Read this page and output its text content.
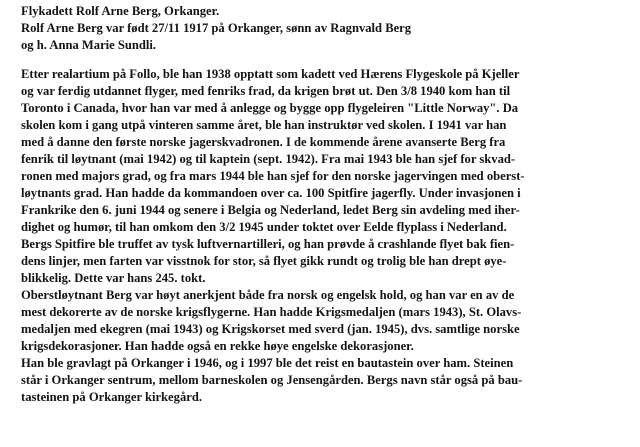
Flykadett Rolf Arne Berg, Orkanger.
Rolf Arne Berg var født 27/11 1917 på Orkanger, sønn av Ragnvald Berg
og h. Anna Marie Sundli.
Etter realartium på Follo, ble han 1938 opptatt som kadett ved Hærens Flygeskole på Kjeller
og var ferdig utdannet flyger, med fenriks frad, da krigen brøt ut. Den 3/8 1940 kom han til
Toronto i Canada, hvor han var med å anlegge og bygge opp flygeleiren "Little Norway". Da
skolen kom i gang utpå vinteren samme året, ble han instruktør ved skolen. I 1941 var han
med å danne den første norske jagerskvadronen. I de kommende årene avanserte Berg fra
fenrik til løytnant (mai 1942) og til kaptein (sept. 1942). Fra mai 1943 ble han sjef for skvad-
ronen med majors grad, og fra mars 1944 ble han sjef for den norske jagervingen med oberst-
løytnants grad. Han hadde da kommandoen over ca. 100 Spitfire jagerfly. Under invasjonen i
Frankrike den 6. juni 1944 og senere i Belgia og Nederland, ledet Berg sin avdeling med iher-
dighet og humør, til han omkom den 3/2 1945 under toktet over Eelde flyplass i Nederland.
Bergs Spitfire ble truffet av tysk luftvernartilleri, og han prøvde å crashlande flyet bak fien-
dens linjer, men farten var visstnok for stor, så flyet gikk rundt og trolig ble han drept øye-
blikkelig. Dette var hans 245. tokt.
Oberstløytnant Berg var høyt anerkjent både fra norsk og engelsk hold, og han var en av de
mest dekorerte av de norske krigsflygerne. Han hadde Krigsmedaljen (mars 1943), St. Olavs-
medaljen med ekegren (mai 1943) og Krigskorset med sverd (jan. 1945), dvs. samtlige norske
krigsdekorasjoner. Han hadde også en rekke høye engelske dekorasjoner.
Han ble gravlagt på Orkanger i 1946, og i 1997 ble det reist en bautastein over ham. Steinen
står i Orkanger sentrum, mellom barneskolen og Jensengården. Bergs navn står også på bau-
tasteinen på Orkanger kirkegård.
